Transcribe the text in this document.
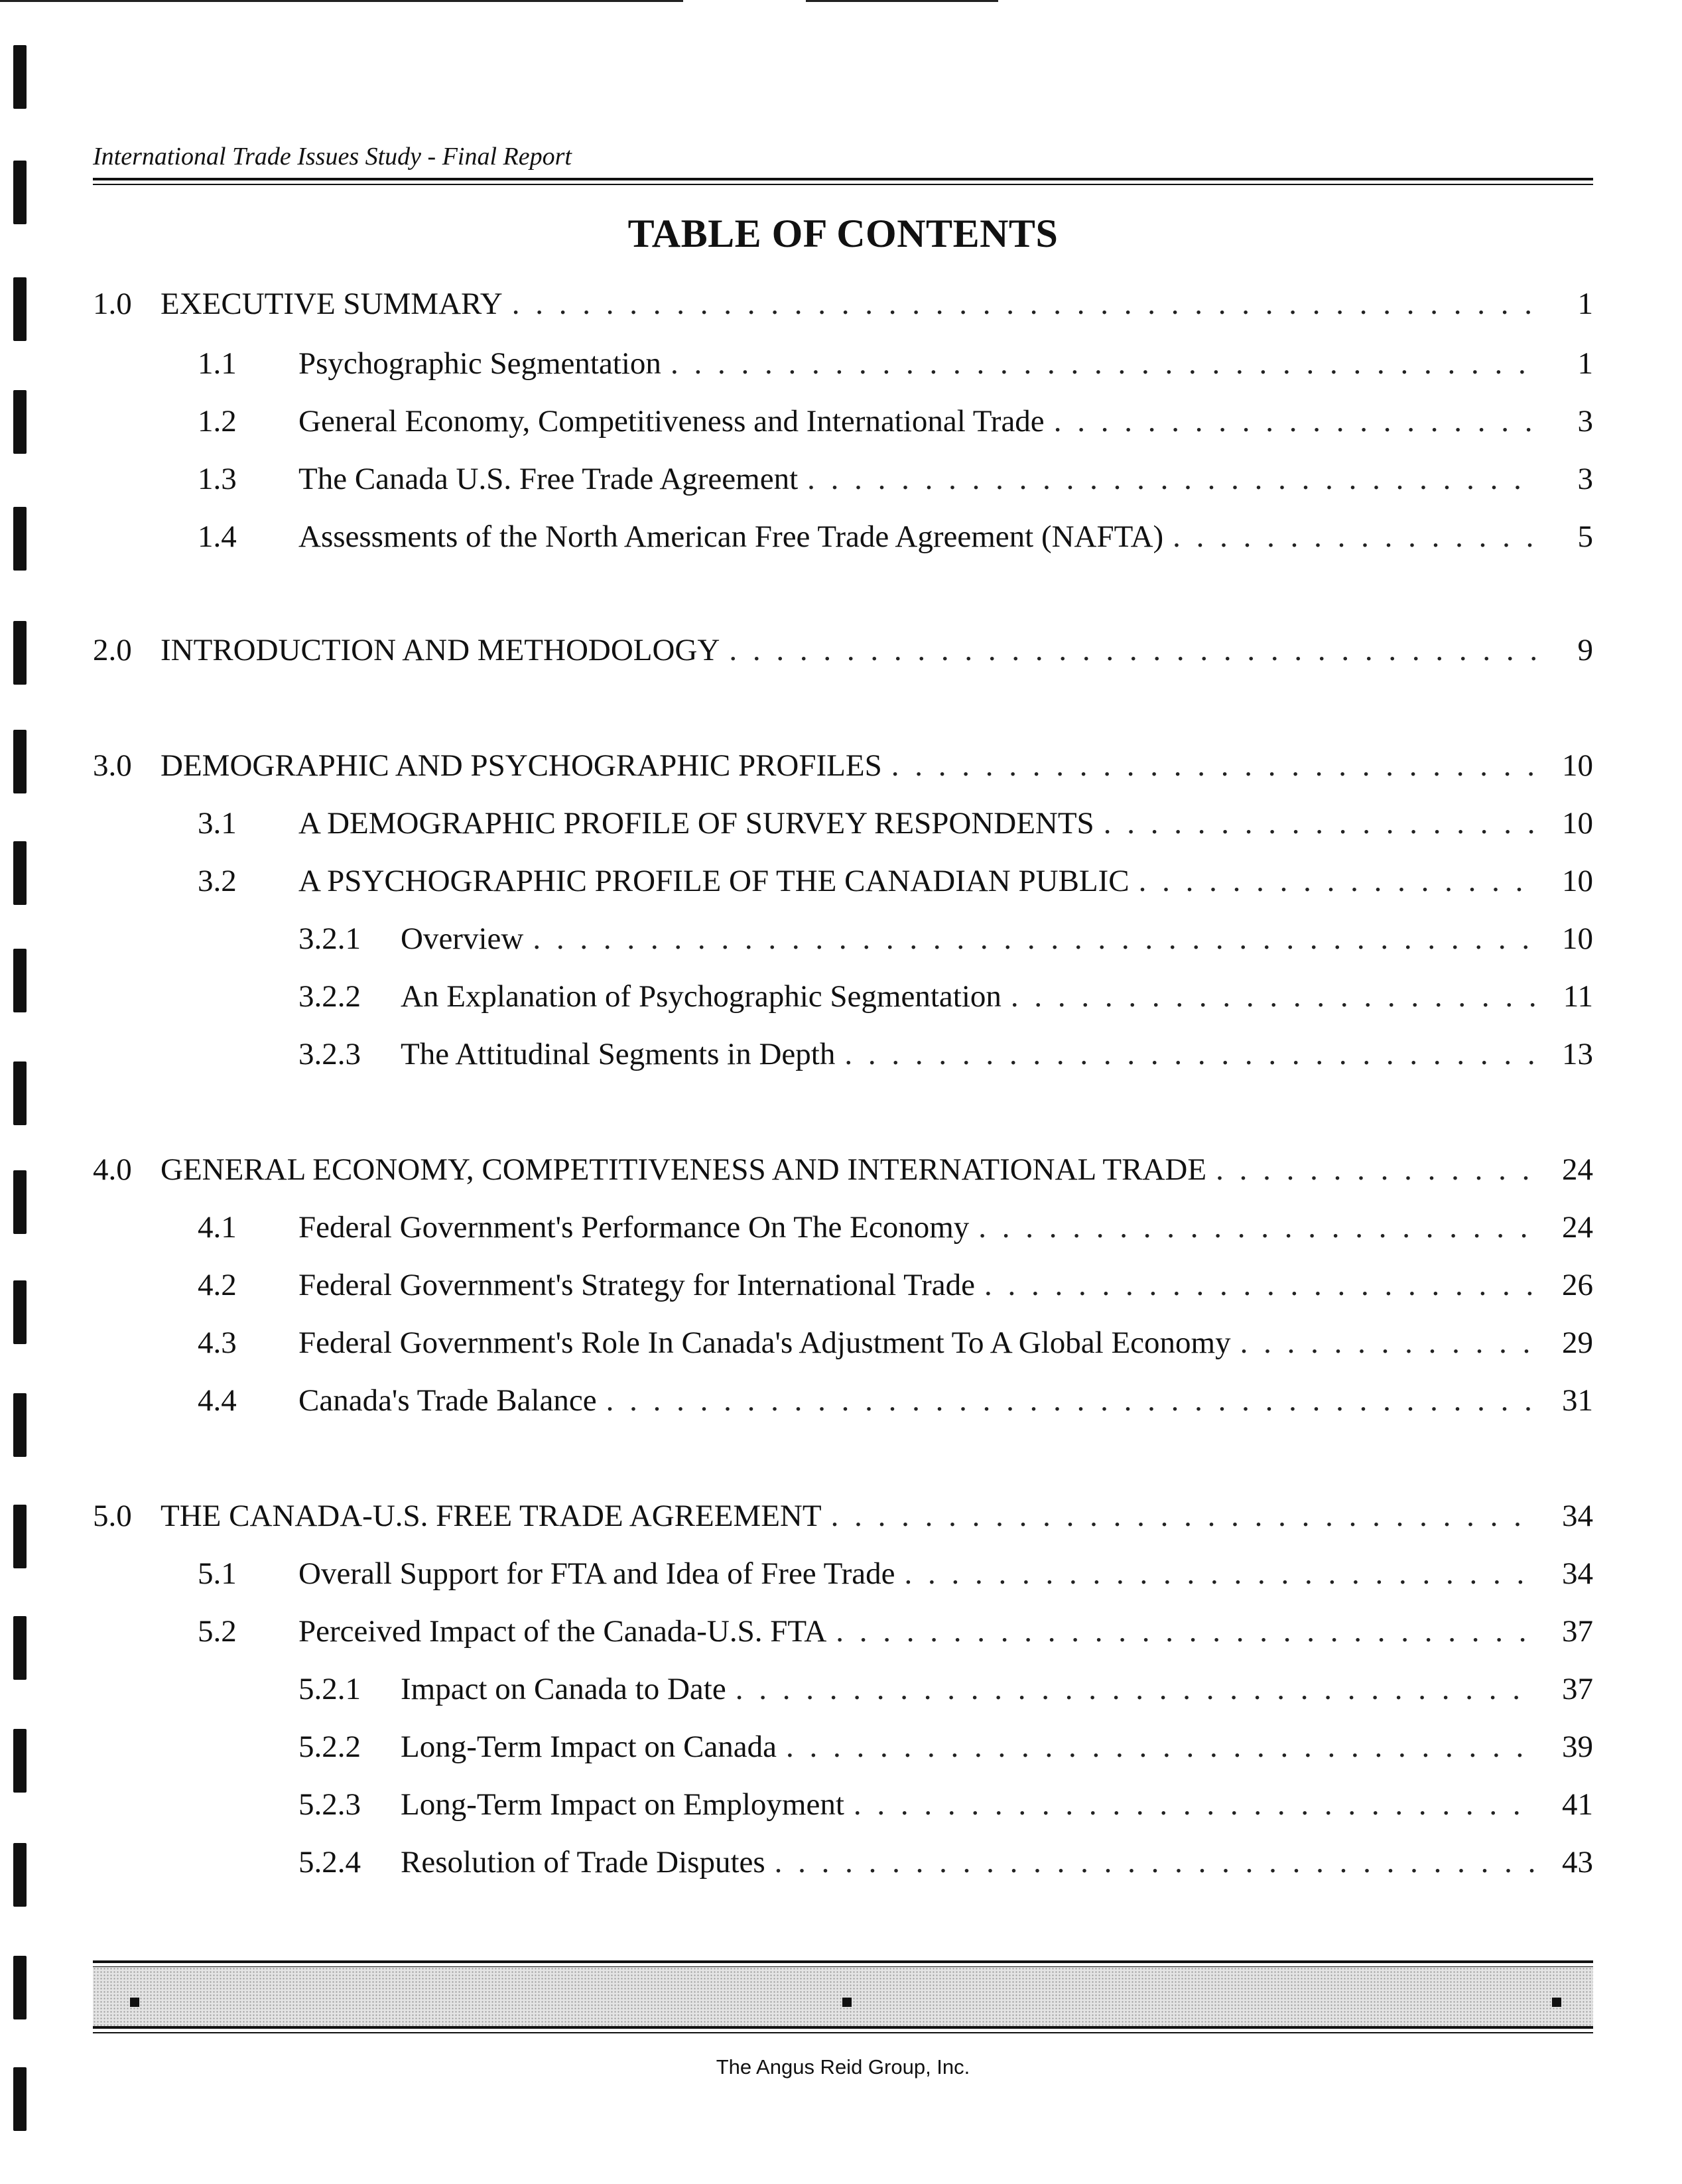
International Trade Issues Study - Final Report
TABLE OF CONTENTS
1.0 EXECUTIVE SUMMARY . . .	1
1.1 Psychographic Segmentation . . .	1
1.2 General Economy, Competitiveness and International Trade . . .	3
1.3 The Canada U.S. Free Trade Agreement . . .	3
1.4 Assessments of the North American Free Trade Agreement (NAFTA) . . .	5
2.0 INTRODUCTION AND METHODOLOGY . . .	9
3.0 DEMOGRAPHIC AND PSYCHOGRAPHIC PROFILES . . .	10
3.1 A DEMOGRAPHIC PROFILE OF SURVEY RESPONDENTS . . .	10
3.2 A PSYCHOGRAPHIC PROFILE OF THE CANADIAN PUBLIC . . .	10
3.2.1 Overview . . .	10
3.2.2 An Explanation of Psychographic Segmentation . . .	11
3.2.3 The Attitudinal Segments in Depth . . .	13
4.0 GENERAL ECONOMY, COMPETITIVENESS AND INTERNATIONAL TRADE . . .	24
4.1 Federal Government's Performance On The Economy . . .	24
4.2 Federal Government's Strategy for International Trade . . .	26
4.3 Federal Government's Role In Canada's Adjustment To A Global Economy . . .	29
4.4 Canada's Trade Balance . . .	31
5.0 THE CANADA-U.S. FREE TRADE AGREEMENT . . .	34
5.1 Overall Support for FTA and Idea of Free Trade . . .	34
5.2 Perceived Impact of the Canada-U.S. FTA . . .	37
5.2.1 Impact on Canada to Date . . .	37
5.2.2 Long-Term Impact on Canada . . .	39
5.2.3 Long-Term Impact on Employment . . .	41
5.2.4 Resolution of Trade Disputes . . .	43
The Angus Reid Group, Inc.
